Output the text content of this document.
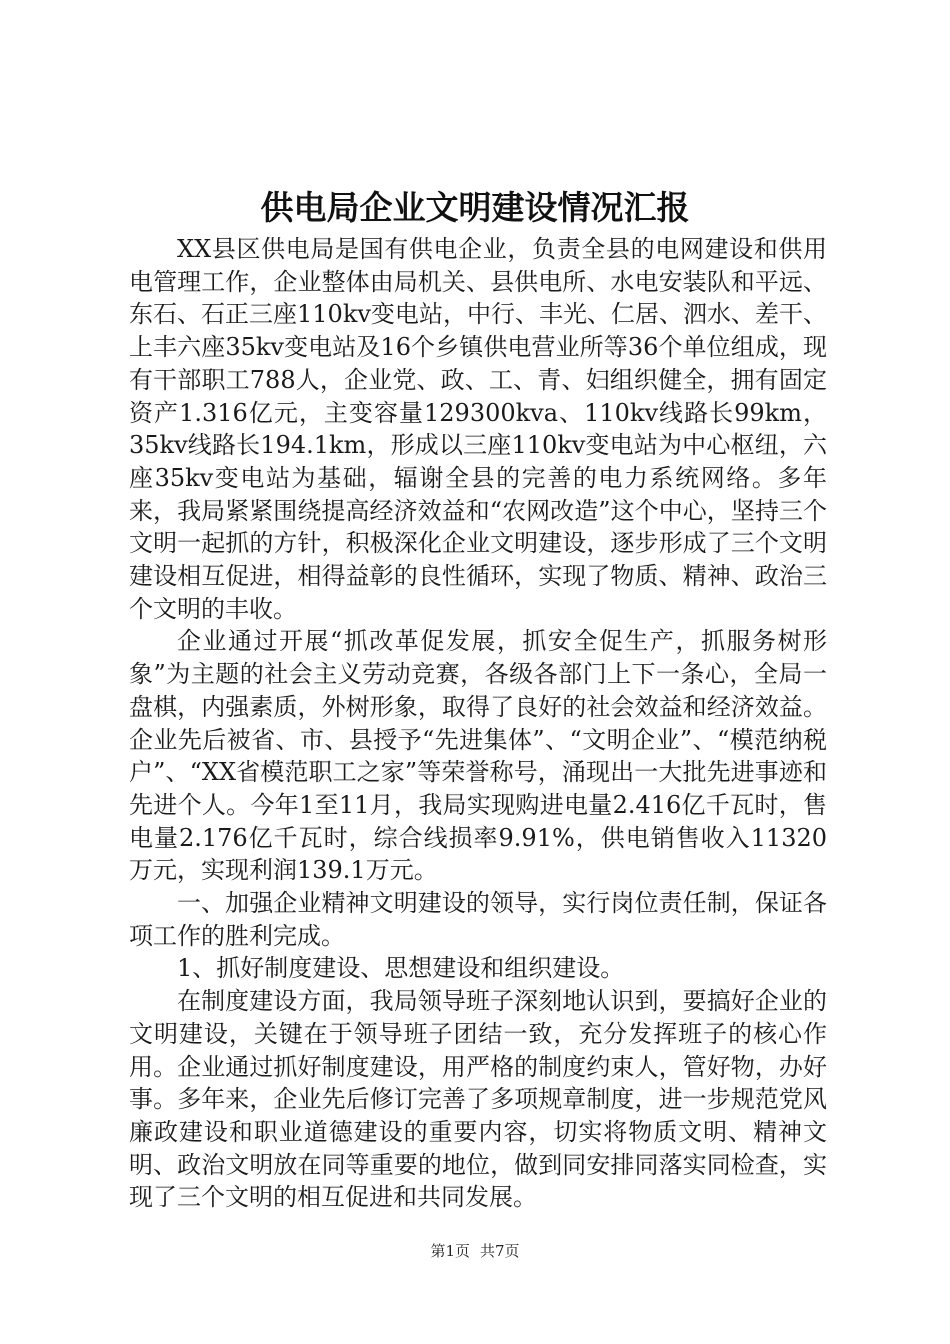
供电局企业文明建设情况汇报

XX县区供电局是国有供电企业，负责全县的电网建设和供用电管理工作，企业整体由局机关、县供电所、水电安装队和平远、东石、石正三座110kv变电站，中行、丰光、仁居、泗水、差干、上丰六座35kv变电站及16个乡镇供电营业所等36个单位组成，现有干部职工788人，企业党、政、工、青、妇组织健全，拥有固定资产1.316亿元，主变容量129300kva、110kv线路长99km，35kv线路长194.1km，形成以三座110kv变电站为中心枢纽，六座35kv变电站为基础，辐谢全县的完善的电力系统网络。多年来，我局紧紧围绕提高经济效益和“农网改造”这个中心，坚持三个文明一起抓的方针，积极深化企业文明建设，逐步形成了三个文明建设相互促进，相得益彰的良性循环，实现了物质、精神、政治三个文明的丰收。

企业通过开展“抓改革促发展，抓安全促生产，抓服务树形象”为主题的社会主义劳动竞赛，各级各部门上下一条心，全局一盘棋，内强素质，外树形象，取得了良好的社会效益和经济效益。企业先后被省、市、县授予“先进集体”、“文明企业”、“模范纳税户”、“XX省模范职工之家”等荣誉称号，涌现出一大批先进事迹和先进个人。今年1至11月，我局实现购进电量2.416亿千瓦时，售电量2.176亿千瓦时，综合线损率9.91%，供电销售收入11320万元，实现利润139.1万元。

一、加强企业精神文明建设的领导，实行岗位责任制，保证各项工作的胜利完成。

1、抓好制度建设、思想建设和组织建设。

在制度建设方面，我局领导班子深刻地认识到，要搞好企业的文明建设，关键在于领导班子团结一致，充分发挥班子的核心作用。企业通过抓好制度建设，用严格的制度约束人，管好物，办好事。多年来，企业先后修订完善了多项规章制度，进一步规范党风廉政建设和职业道德建设的重要内容，切实将物质文明、精神文明、政治文明放在同等重要的地位，做到同安排同落实同检查，实现了三个文明的相互促进和共同发展。

第1页 共7页
